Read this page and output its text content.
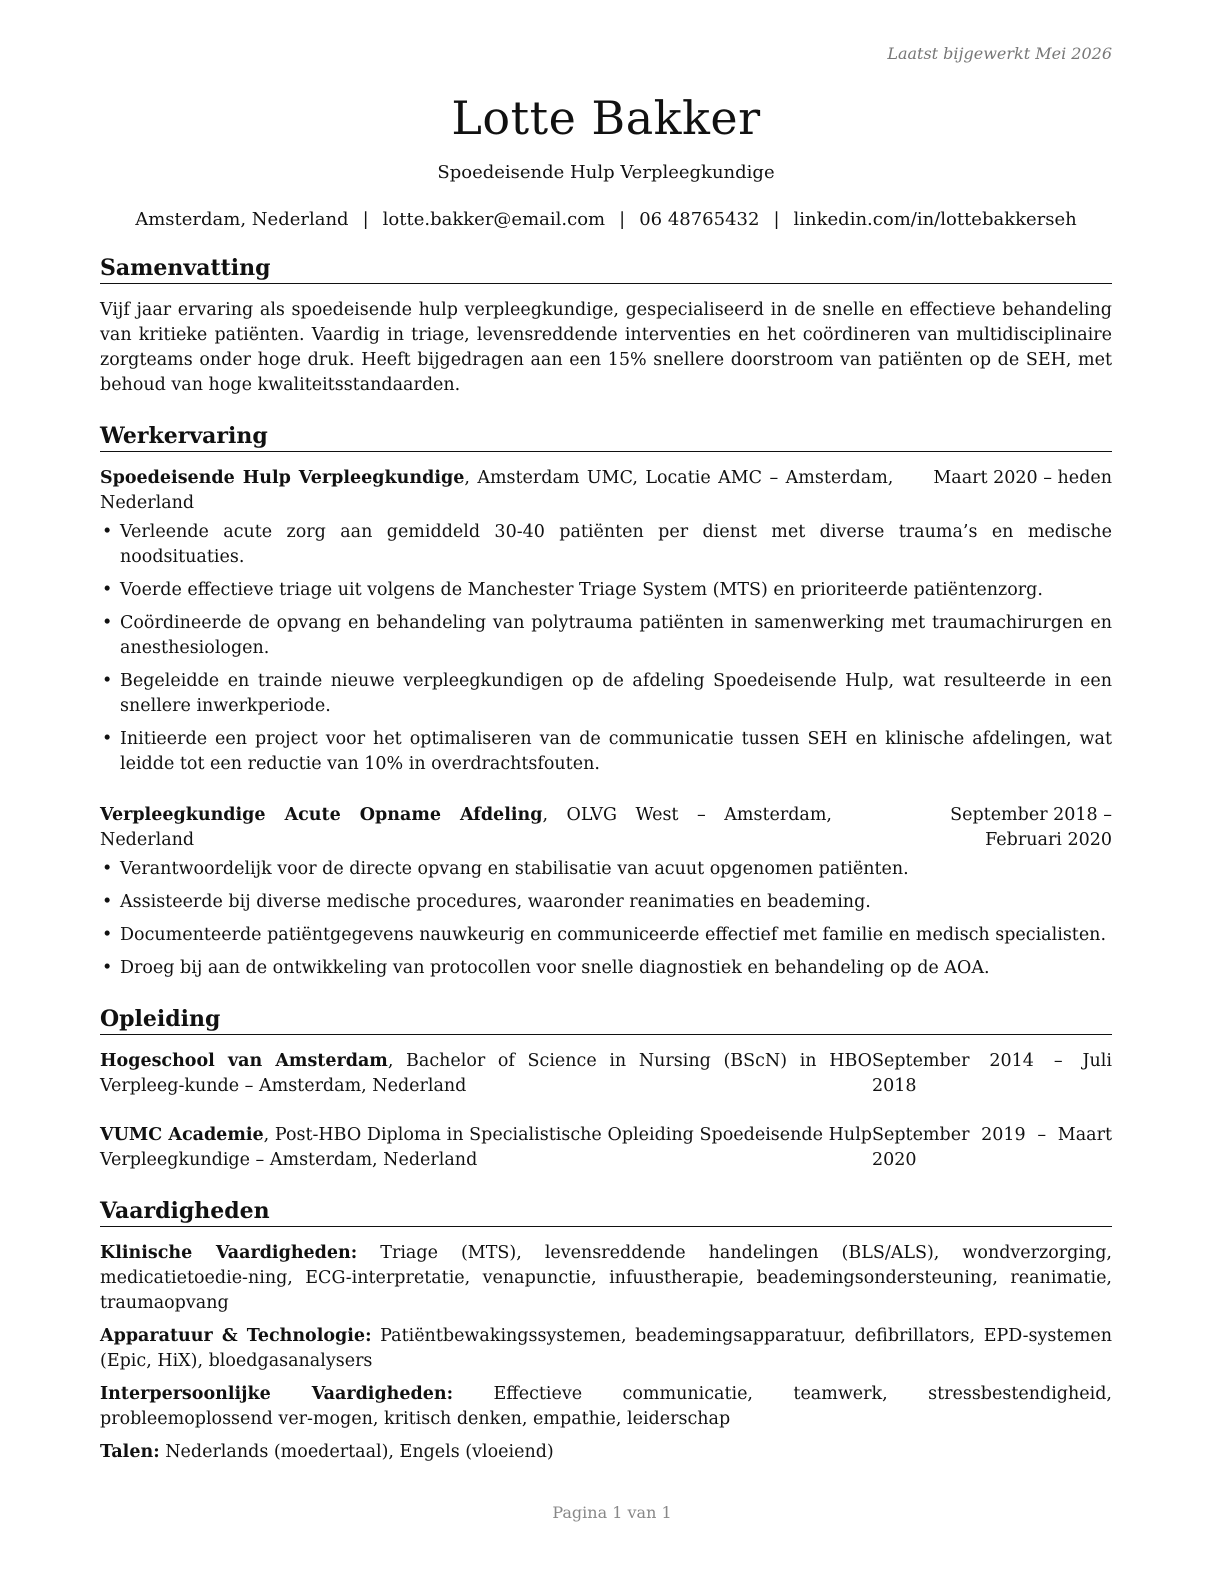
Laatst bijgewerkt Mei 2026
Lotte Bakker
Spoedeisende Hulp Verpleegkundige
Amsterdam, Nederland | lotte.bakker@email.com | 06 48765432 | linkedin.com/in/lottebakkerseh
Samenvatting
Vijf jaar ervaring als spoedeisende hulp verpleegkundige, gespecialiseerd in de snelle en effectieve behandeling van kritieke patiënten. Vaardig in triage, levensreddende interventies en het coördineren van multidisciplinaire zorgteams onder hoge druk. Heeft bijgedragen aan een 15% snellere doorstroom van patiënten op de SEH, met behoud van hoge kwaliteitsstandaarden.
Werkervaring
Spoedeisende Hulp Verpleegkundige, Amsterdam UMC, Locatie AMC – Amsterdam, Nederland
Maart 2020 – heden
• Verleende acute zorg aan gemiddeld 30-40 patiënten per dienst met diverse trauma’s en medische noodsituaties.
• Voerde effectieve triage uit volgens de Manchester Triage System (MTS) en prioriteerde patiëntenzorg.
• Coördineerde de opvang en behandeling van polytrauma patiënten in samenwerking met traumachirurgen en anesthesiologen.
• Begeleidde en trainde nieuwe verpleegkundigen op de afdeling Spoedeisende Hulp, wat resulteerde in een snellere inwerkperiode.
• Initieerde een project voor het optimaliseren van de communicatie tussen SEH en klinische afdelingen, wat leidde tot een reductie van 10% in overdrachtsfouten.
Verpleegkundige Acute Opname Afdeling, OLVG West – Amsterdam, Nederland
September 2018 – Februari 2020
• Verantwoordelijk voor de directe opvang en stabilisatie van acuut opgenomen patiënten.
• Assisteerde bij diverse medische procedures, waaronder reanimaties en beademing.
• Documenteerde patiëntgegevens nauwkeurig en communiceerde effectief met familie en medisch specialisten.
• Droeg bij aan de ontwikkeling van protocollen voor snelle diagnostiek en behandeling op de AOA.
Opleiding
Hogeschool van Amsterdam, Bachelor of Science in Nursing (BScN) in HBO Verpleeg-kunde – Amsterdam, Nederland
September 2014 – Juli 2018
VUMC Academie, Post-HBO Diploma in Specialistische Opleiding Spoedeisende Hulp Verpleegkundige – Amsterdam, Nederland
September 2019 – Maart 2020
Vaardigheden
Klinische Vaardigheden: Triage (MTS), levensreddende handelingen (BLS/ALS), wondverzorging, medicatietoedie-ning, ECG-interpretatie, venapunctie, infuustherapie, beademingsondersteuning, reanimatie, traumaopvang
Apparatuur & Technologie: Patiëntbewakingssystemen, beademingsapparatuur, defibrillators, EPD-systemen (Epic, HiX), bloedgasanalysers
Interpersoonlijke Vaardigheden: Effectieve communicatie, teamwerk, stressbestendigheid, probleemoplossend ver-mogen, kritisch denken, empathie, leiderschap
Talen: Nederlands (moedertaal), Engels (vloeiend)
Pagina 1 van 1
